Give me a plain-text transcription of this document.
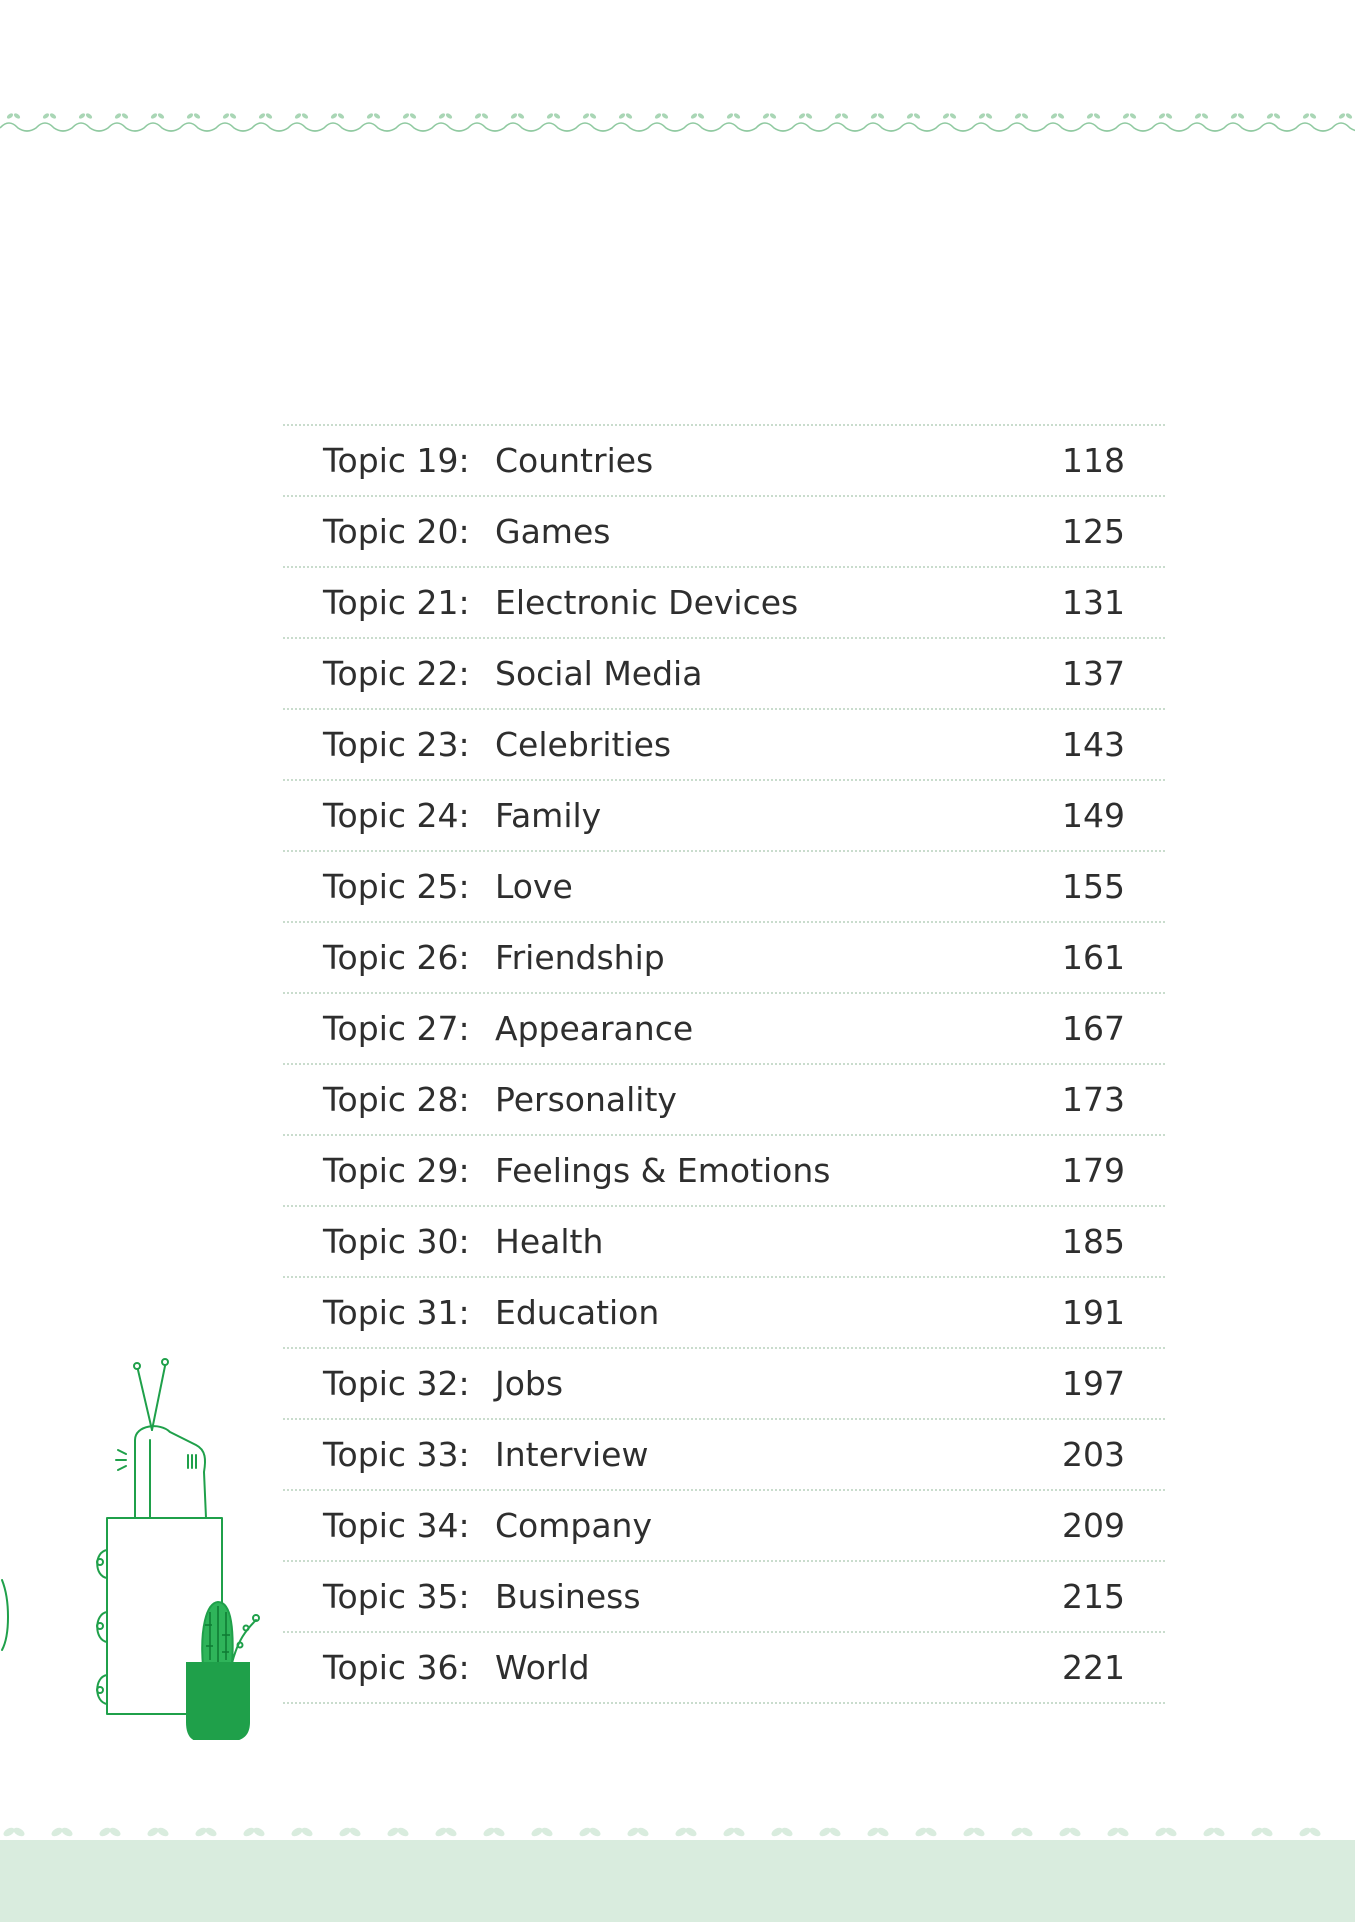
Topic 19: Countries	118
Topic 20: Games	125
Topic 21: Electronic Devices	131
Topic 22: Social Media	137
Topic 23: Celebrities	143
Topic 24: Family	149
Topic 25: Love	155
Topic 26: Friendship	161
Topic 27: Appearance	167
Topic 28: Personality	173
Topic 29: Feelings & Emotions	179
Topic 30: Health	185
Topic 31: Education	191
Topic 32: Jobs	197
Topic 33: Interview	203
Topic 34: Company	209
Topic 35: Business	215
Topic 36: World	221
